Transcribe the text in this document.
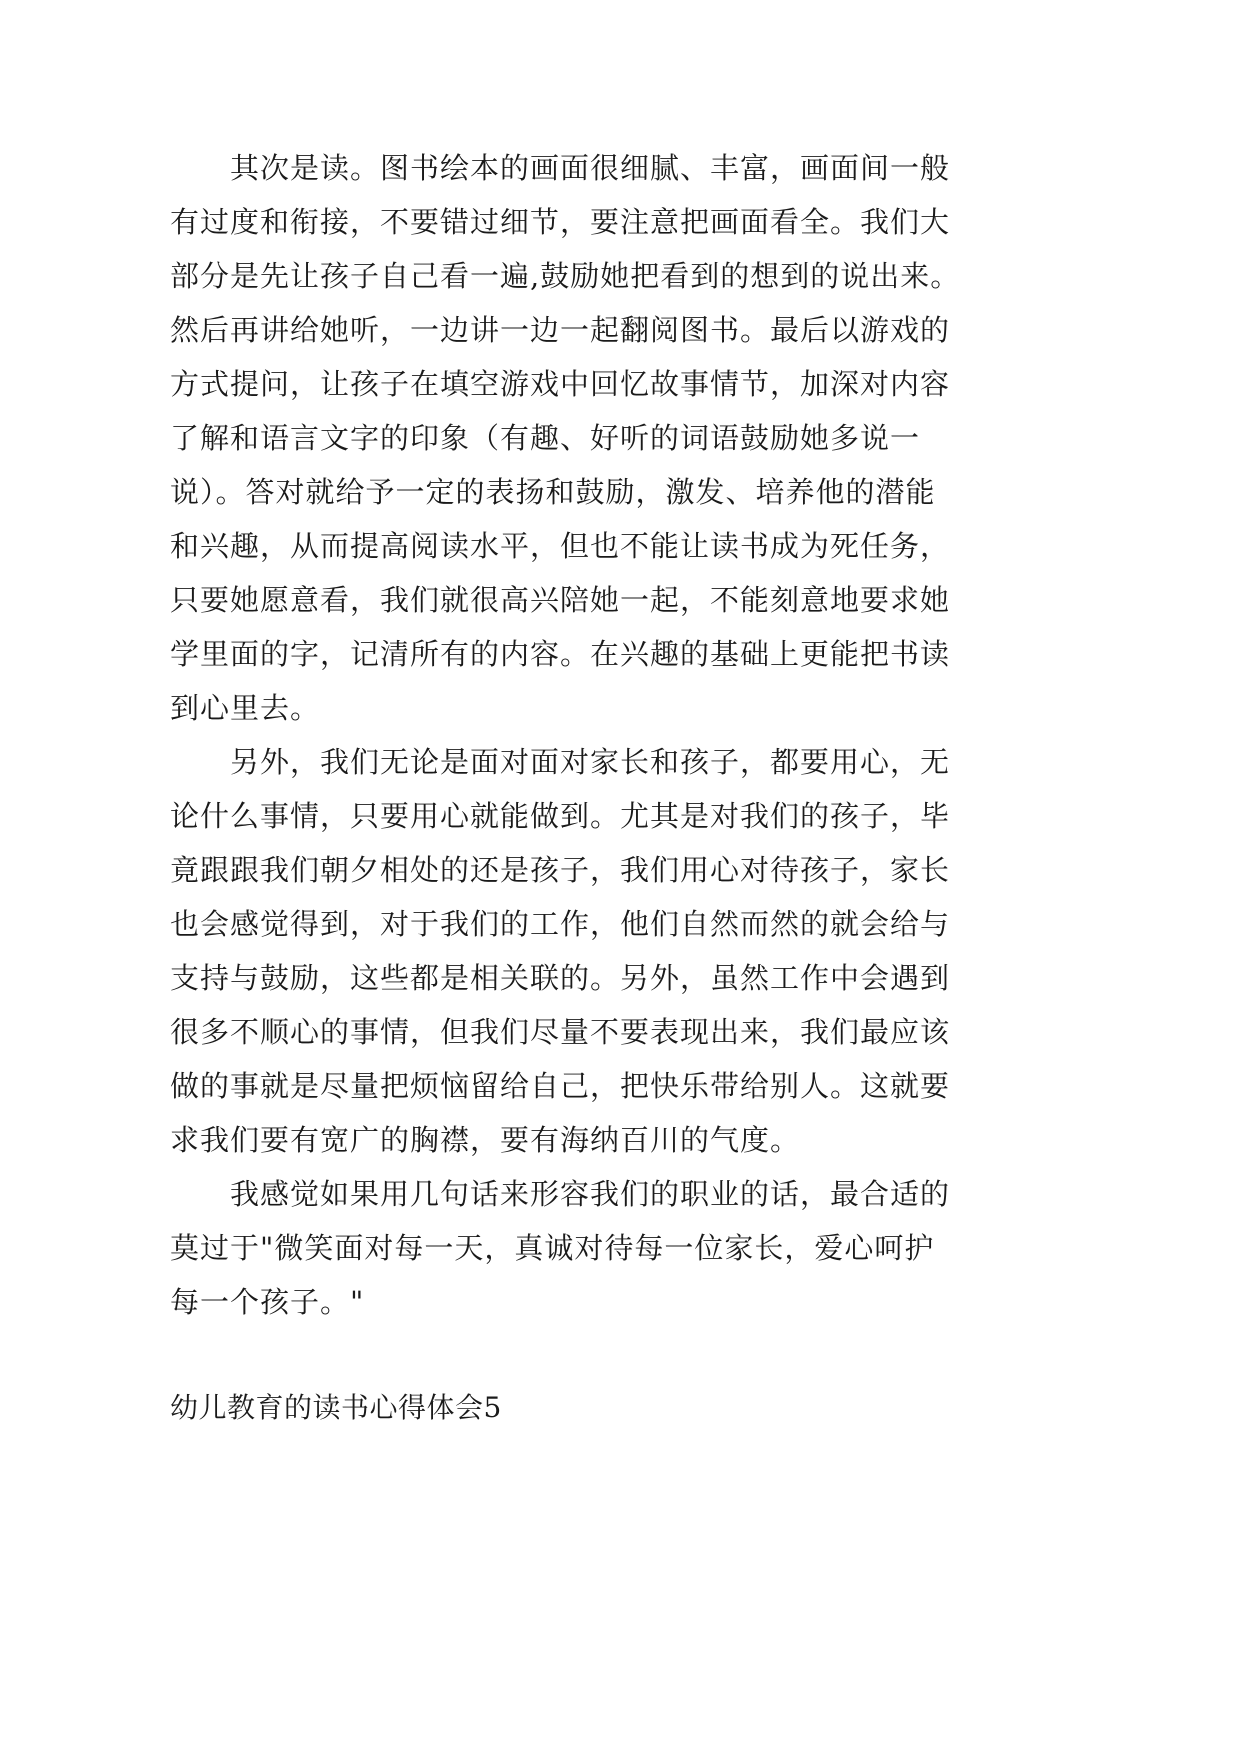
其次是读。图书绘本的画面很细腻、丰富，画面间一般
有过度和衔接，不要错过细节，要注意把画面看全。我们大
部分是先让孩子自己看一遍,鼓励她把看到的想到的说出来。
然后再讲给她听，一边讲一边一起翻阅图书。最后以游戏的
方式提问，让孩子在填空游戏中回忆故事情节，加深对内容
了解和语言文字的印象（有趣、好听的词语鼓励她多说一
说）。答对就给予一定的表扬和鼓励，激发、培养他的潜能
和兴趣，从而提高阅读水平，但也不能让读书成为死任务，
只要她愿意看，我们就很高兴陪她一起，不能刻意地要求她
学里面的字，记清所有的内容。在兴趣的基础上更能把书读
到心里去。
另外，我们无论是面对面对家长和孩子，都要用心，无
论什么事情，只要用心就能做到。尤其是对我们的孩子，毕
竟跟跟我们朝夕相处的还是孩子，我们用心对待孩子，家长
也会感觉得到，对于我们的工作，他们自然而然的就会给与
支持与鼓励，这些都是相关联的。另外，虽然工作中会遇到
很多不顺心的事情，但我们尽量不要表现出来，我们最应该
做的事就是尽量把烦恼留给自己，把快乐带给别人。这就要
求我们要有宽广的胸襟，要有海纳百川的气度。
我感觉如果用几句话来形容我们的职业的话，最合适的
莫过于"微笑面对每一天，真诚对待每一位家长，爱心呵护
每一个孩子。"
幼儿教育的读书心得体会5
